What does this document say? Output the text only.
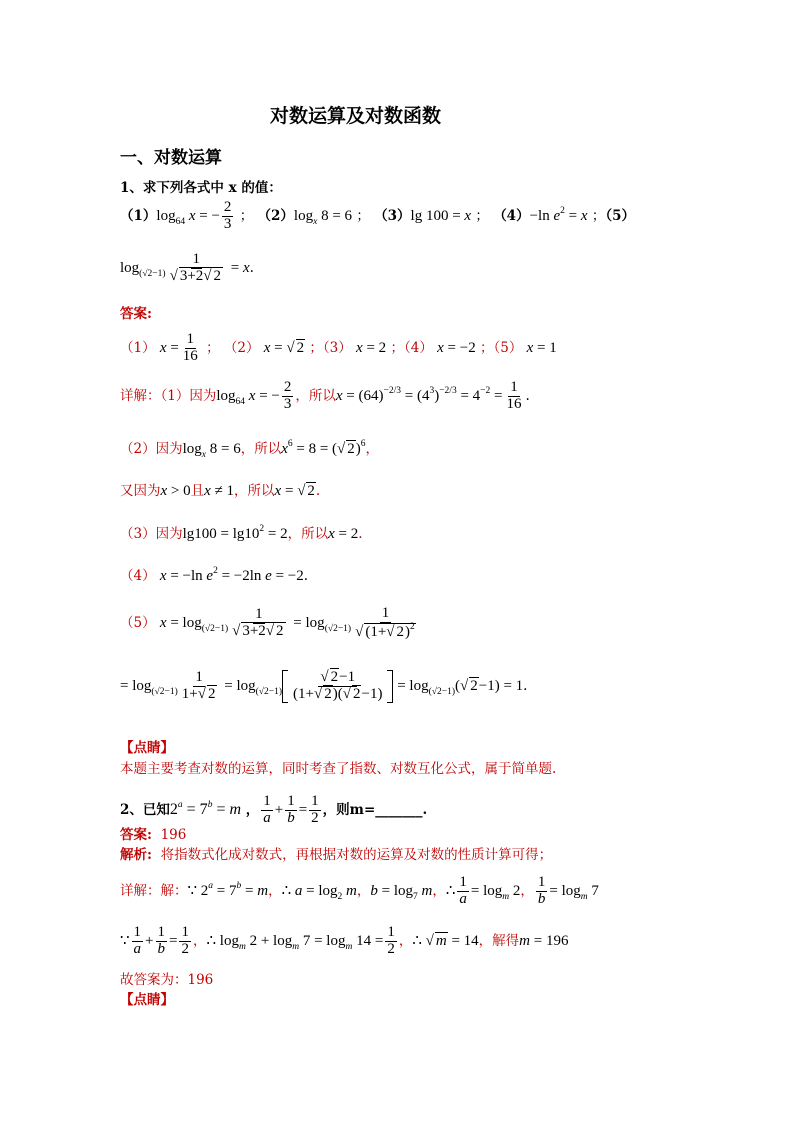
对数运算及对数函数
一、对数运算
1、求下列各式中 x 的值：
$(1)\log_{64}$ x = − $\frac{2}{3}$ ； $(2)\log_x$ 8 = 6 ； （3）lg 100 = x ； （4）−ln $e^2 = x$ ；（5）
$\log_{(√2-1)} 1$
√ 3+2√ 2 = x.
答案:
（1） $x = \frac{1}{16}$ ； （2） x = √ 2 ；（3） x = 2 ；（4） x = −2 ；（5） x = 1
详解：（1）因为$\log_{64} x$ = − $\frac{2}{3}$ ，所以$x = (64)^{-2/3} = (4^3)^{-2/3} = 4^{-2} = \frac{1}{16}$ .
（2）因为$\log_x 8 = 6$，所以$x^6 = 8$ = (√ 2)$^6$，
又因为x > 0且x ≠ 1，所以x = √ 2.
（3）因为$\lg 100 = \lg 10^2 = 2$，所以x = 2.
（4） x = −ln $e^2 = -2\ln$ e = −2.
（5） $x = \log_{(√2-1)} 1$
√ 3+2√ $2 = \log_{(√2-1)} 1$
√ (1+√ 2)$^2$
= $\log_{(√2-1)} \frac{1}{1+√ 2} = \log_{(√2-1)}$
√ $\frac{2-1}{(1+√ 2)(√ 2-1)} = \log_{(√2-1)}(√$ 2−1) = 1.
【点睛】
本题主要考查对数的运算，同时考查了指数、对数互化公式，属于简单题.
2、已知$2^a = 7^b = m$ ， $\frac{1}{a} + \frac{1}{b} = \frac{1}{2}$ ，则m=_______.
答案: 196
解析: 将指数式化成对数式，再根据对数的运算及对数的性质计算可得；
详解：解：∵ $2^a = 7^b = m$，∴ $a = \log_2 m$，$b = \log_7 m$，∴ $\frac{1}{a} = \log_m 2$， $\frac{1}{b} = \log_m 7$
∵ $\frac{1}{a} + \frac{1}{b} = \frac{1}{2}$ ，∴ $\log_m 2 + \log_m 7 = \log_m 14 = \frac{1}{2}$ ，∴ √ m = 14，解得m = 196
故答案为：196
【点睛】
